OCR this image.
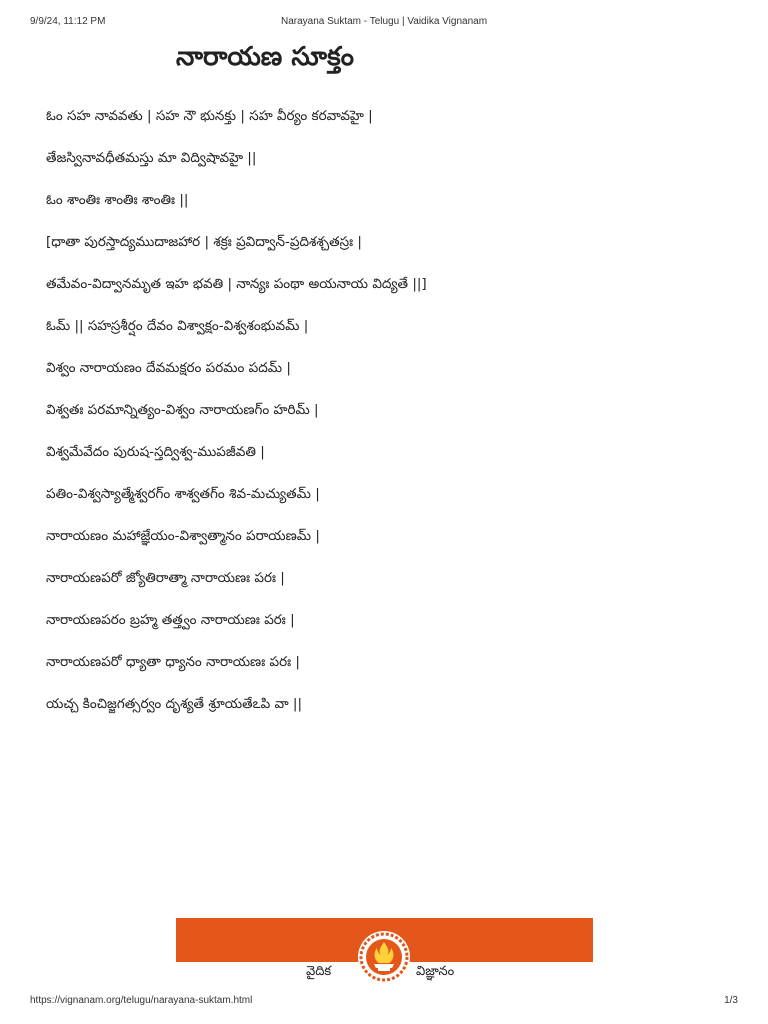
9/9/24, 11:12 PM	Narayana Suktam - Telugu | Vaidika Vignanam
నారాయణ సూక్తం
ఓం సహ నావవతు | సహ నౌ భునక్తు | సహ వీర్యం కరవావహై |
తేజస్వినావధీతమస్తు మా విద్విషావహై ||
ఓం శాంతిః శాంతిః శాంతిః ||
[ధాతా పురస్తాద్యముదాజహార | శక్రః ప్రవిద్వాన్-ప్రదిశశ్చతస్రః |
తమేవం-విద్వానమృత ఇహ భవతి | నాన్యః పంథా అయనాయ విద్యతే ||]
ఓమ్ || సహస్రశీర్షం దేవం విశ్వాక్షం-విశ్వశంభువమ్ |
విశ్వం నారాయణం దేవమక్షరం పరమం పదమ్ |
విశ్వతః పరమాన్నిత్యం-విశ్వం నారాయణగ్ం హరిమ్ |
విశ్వమేవేదం పురుష-స్తద్విశ్వ-ముపజీవతి |
పతిం-విశ్వస్యాత్మేశ్వరగ్ం శాశ్వతగ్ం శివ-మచ్యుతమ్ |
నారాయణం మహాజ్ఞేయం-విశ్వాత్మానం పరాయణమ్ |
నారాయణపరో జ్యోతిరాత్మా నారాయణః పరః |
నారాయణపరం బ్రహ్మ తత్త్వం నారాయణః పరః |
నారాయణపరో ధ్యాతా ధ్యానం నారాయణః పరః |
యచ్చ కించిజ్జగత్సర్వం దృశ్యతే శ్రూయతేఽపి వా ||
వైదిక	విజ్ఞానం
https://vignanam.org/telugu/narayana-suktam.html	1/3
